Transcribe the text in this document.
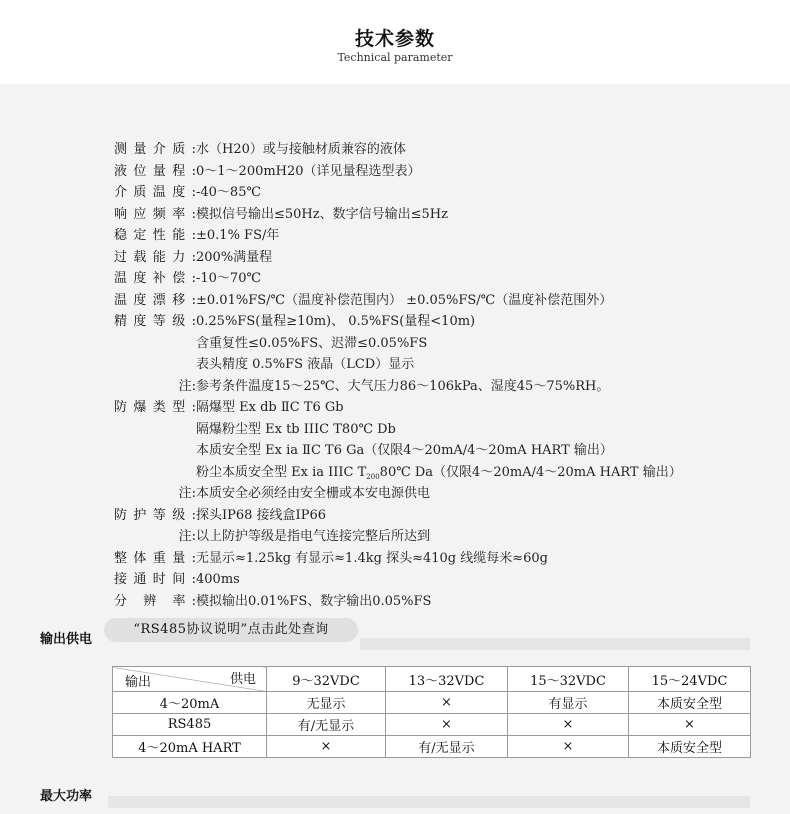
技术参数
Technical parameter
测量介质: 水（H20）或与接触材质兼容的液体
液位量程: 0～1～200mH20（详见量程选型表）
介质温度: -40～85℃
响应频率: 模拟信号输出≤50Hz、数字信号输出≤5Hz
稳定性能: ±0.1% FS/年
过载能力: 200%满量程
温度补偿: -10～70℃
温度漂移: ±0.01%FS/℃（温度补偿范围内） ±0.05%FS/℃（温度补偿范围外）
精度等级: 0.25%FS(量程≥10m)、 0.5%FS(量程<10m)
含重复性≤0.05%FS、迟滞≤0.05%FS
表头精度 0.5%FS 液晶（LCD）显示
注: 参考条件温度15～25℃、大气压力86～106kPa、湿度45～75%RH。
防爆类型: 隔爆型 Ex db ⅡC T6 Gb
隔爆粉尘型 Ex tb IIIC T80℃ Db
本质安全型 Ex ia ⅡC T6 Ga（仅限4～20mA/4～20mA HART 输出）
粉尘本质安全型 Ex ia IIIC $T_{200}80℃$ Da（仅限4～20mA/4～20mA HART 输出）
注: 本质安全必须经由安全栅或本安电源供电
防护等级: 探头IP68 接线盒IP66
注: 以上防护等级是指电气连接完整后所达到
整体重量: 无显示≈1.25kg 有显示≈1.4kg 探头≈410g 线缆每米≈60g
接通时间: 400ms
分 辨 率: 模拟输出0.01%FS、数字输出0.05%FS
输出供电
“RS485协议说明”点击此处查询
供电
输出	9～32VDC	13～32VDC	15～32VDC	15～24VDC
4～20mA	无显示	×	有显示	本质安全型
RS485	有/无显示	×	×	×
4～20mA HART	×	有/无显示	×	本质安全型
最大功率
